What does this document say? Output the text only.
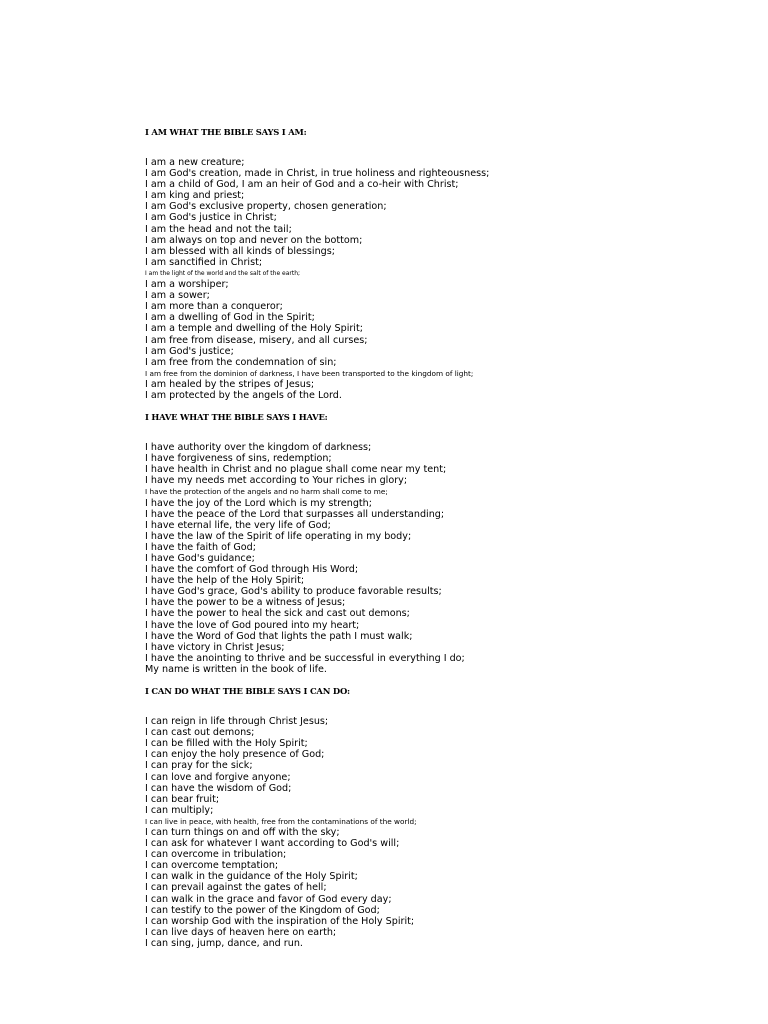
I AM WHAT THE BIBLE SAYS I AM:
I am a new creature;
I am God's creation, made in Christ, in true holiness and righteousness;
I am a child of God, I am an heir of God and a co-heir with Christ;
I am king and priest;
I am God's exclusive property, chosen generation;
I am God's justice in Christ;
I am the head and not the tail;
I am always on top and never on the bottom;
I am blessed with all kinds of blessings;
I am sanctified in Christ;
I am the light of the world and the salt of the earth;
I am a worshiper;
I am a sower;
I am more than a conqueror;
I am a dwelling of God in the Spirit;
I am a temple and dwelling of the Holy Spirit;
I am free from disease, misery, and all curses;
I am God's justice;
I am free from the condemnation of sin;
I am free from the dominion of darkness, I have been transported to the kingdom of light;
I am healed by the stripes of Jesus;
I am protected by the angels of the Lord.
I HAVE WHAT THE BIBLE SAYS I HAVE:
I have authority over the kingdom of darkness;
I have forgiveness of sins, redemption;
I have health in Christ and no plague shall come near my tent;
I have my needs met according to Your riches in glory;
I have the protection of the angels and no harm shall come to me;
I have the joy of the Lord which is my strength;
I have the peace of the Lord that surpasses all understanding;
I have eternal life, the very life of God;
I have the law of the Spirit of life operating in my body;
I have the faith of God;
I have God's guidance;
I have the comfort of God through His Word;
I have the help of the Holy Spirit;
I have God's grace, God's ability to produce favorable results;
I have the power to be a witness of Jesus;
I have the power to heal the sick and cast out demons;
I have the love of God poured into my heart;
I have the Word of God that lights the path I must walk;
I have victory in Christ Jesus;
I have the anointing to thrive and be successful in everything I do;
My name is written in the book of life.
I CAN DO WHAT THE BIBLE SAYS I CAN DO:
I can reign in life through Christ Jesus;
I can cast out demons;
I can be filled with the Holy Spirit;
I can enjoy the holy presence of God;
I can pray for the sick;
I can love and forgive anyone;
I can have the wisdom of God;
I can bear fruit;
I can multiply;
I can live in peace, with health, free from the contaminations of the world;
I can turn things on and off with the sky;
I can ask for whatever I want according to God's will;
I can overcome in tribulation;
I can overcome temptation;
I can walk in the guidance of the Holy Spirit;
I can prevail against the gates of hell;
I can walk in the grace and favor of God every day;
I can testify to the power of the Kingdom of God;
I can worship God with the inspiration of the Holy Spirit;
I can live days of heaven here on earth;
I can sing, jump, dance, and run.
